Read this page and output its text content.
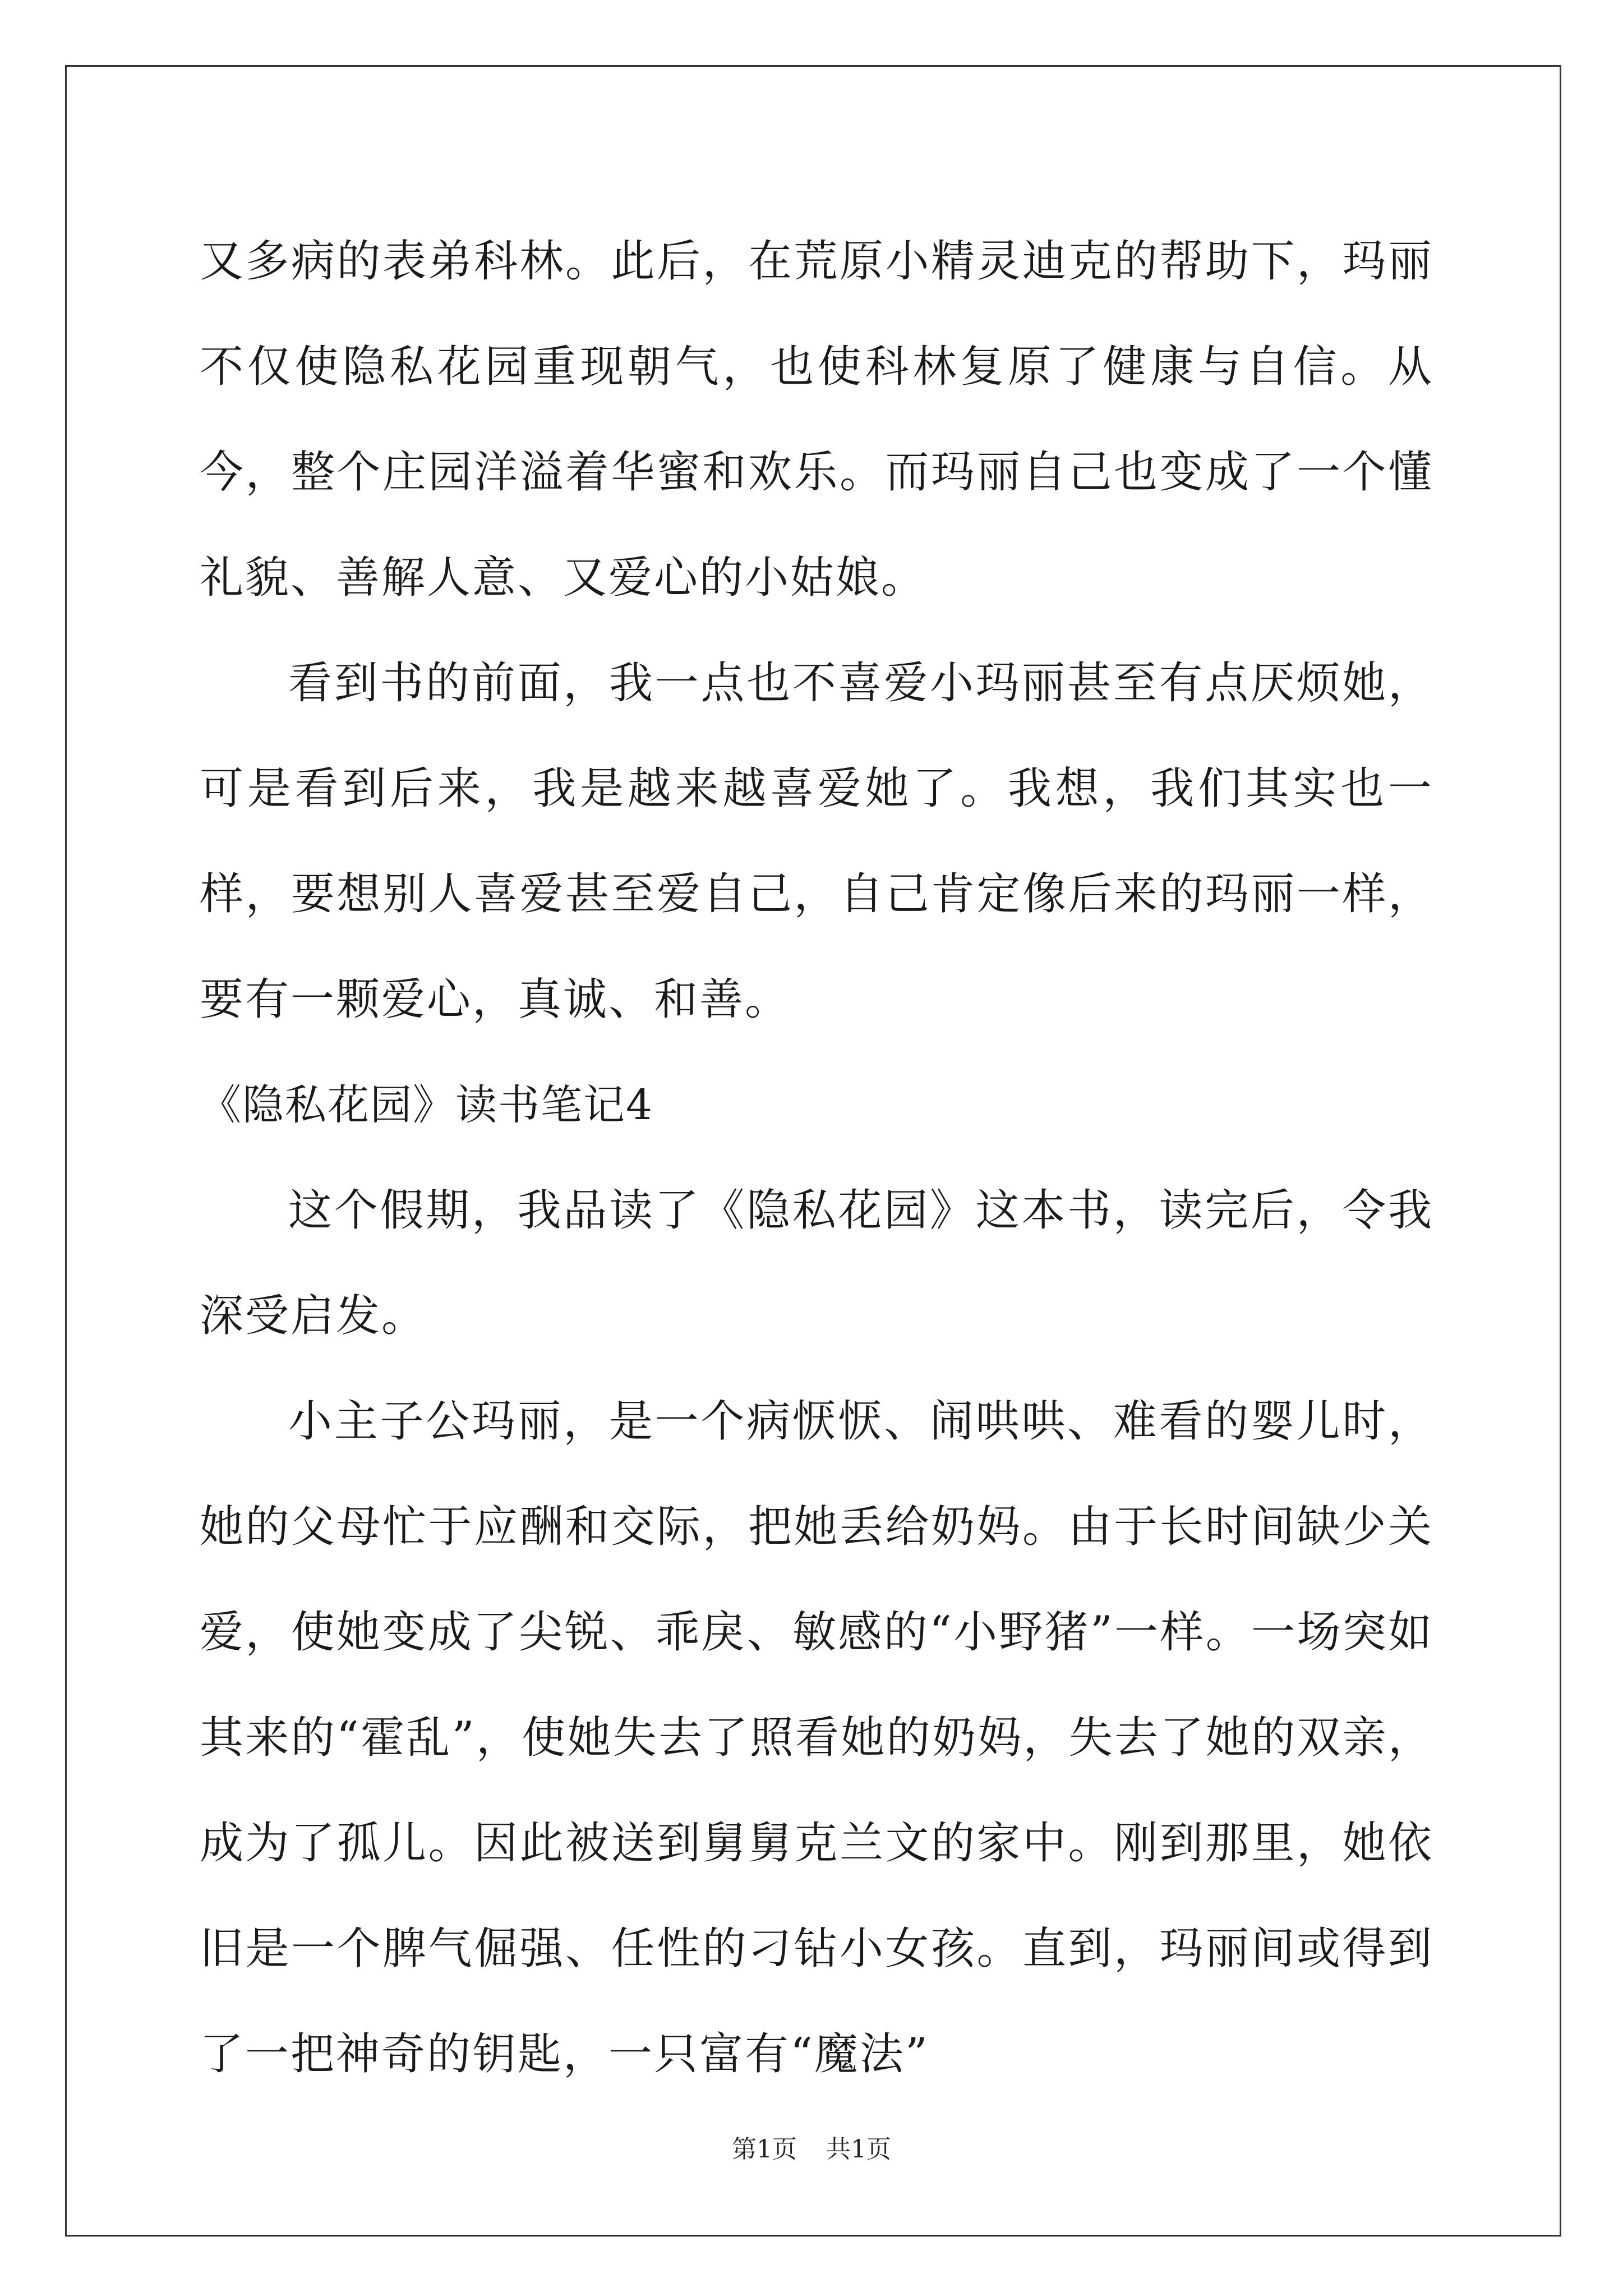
又多病的表弟科林。此后，在荒原小精灵迪克的帮助下，玛丽不仅使隐私花园重现朝气，也使科林复原了健康与自信。从今，整个庄园洋溢着华蜜和欢乐。而玛丽自己也变成了一个懂礼貌、善解人意、又爱心的小姑娘。

看到书的前面，我一点也不喜爱小玛丽甚至有点厌烦她，可是看到后来，我是越来越喜爱她了。我想，我们其实也一样，要想别人喜爱甚至爱自己，自己肯定像后来的玛丽一样，要有一颗爱心，真诚、和善。

《隐私花园》读书笔记4

这个假期，我品读了《隐私花园》这本书，读完后，令我深受启发。

小主子公玛丽，是一个病恹恹、闹哄哄、难看的婴儿时，她的父母忙于应酬和交际，把她丢给奶妈。由于长时间缺少关爱，使她变成了尖锐、乖戾、敏感的“小野猪”一样。一场突如其来的“霍乱”，使她失去了照看她的奶妈，失去了她的双亲，成为了孤儿。因此被送到舅舅克兰文的家中。刚到那里，她依旧是一个脾气倔强、任性的刁钻小女孩。直到，玛丽间或得到了一把神奇的钥匙，一只富有“魔法”

第1页 共1页
